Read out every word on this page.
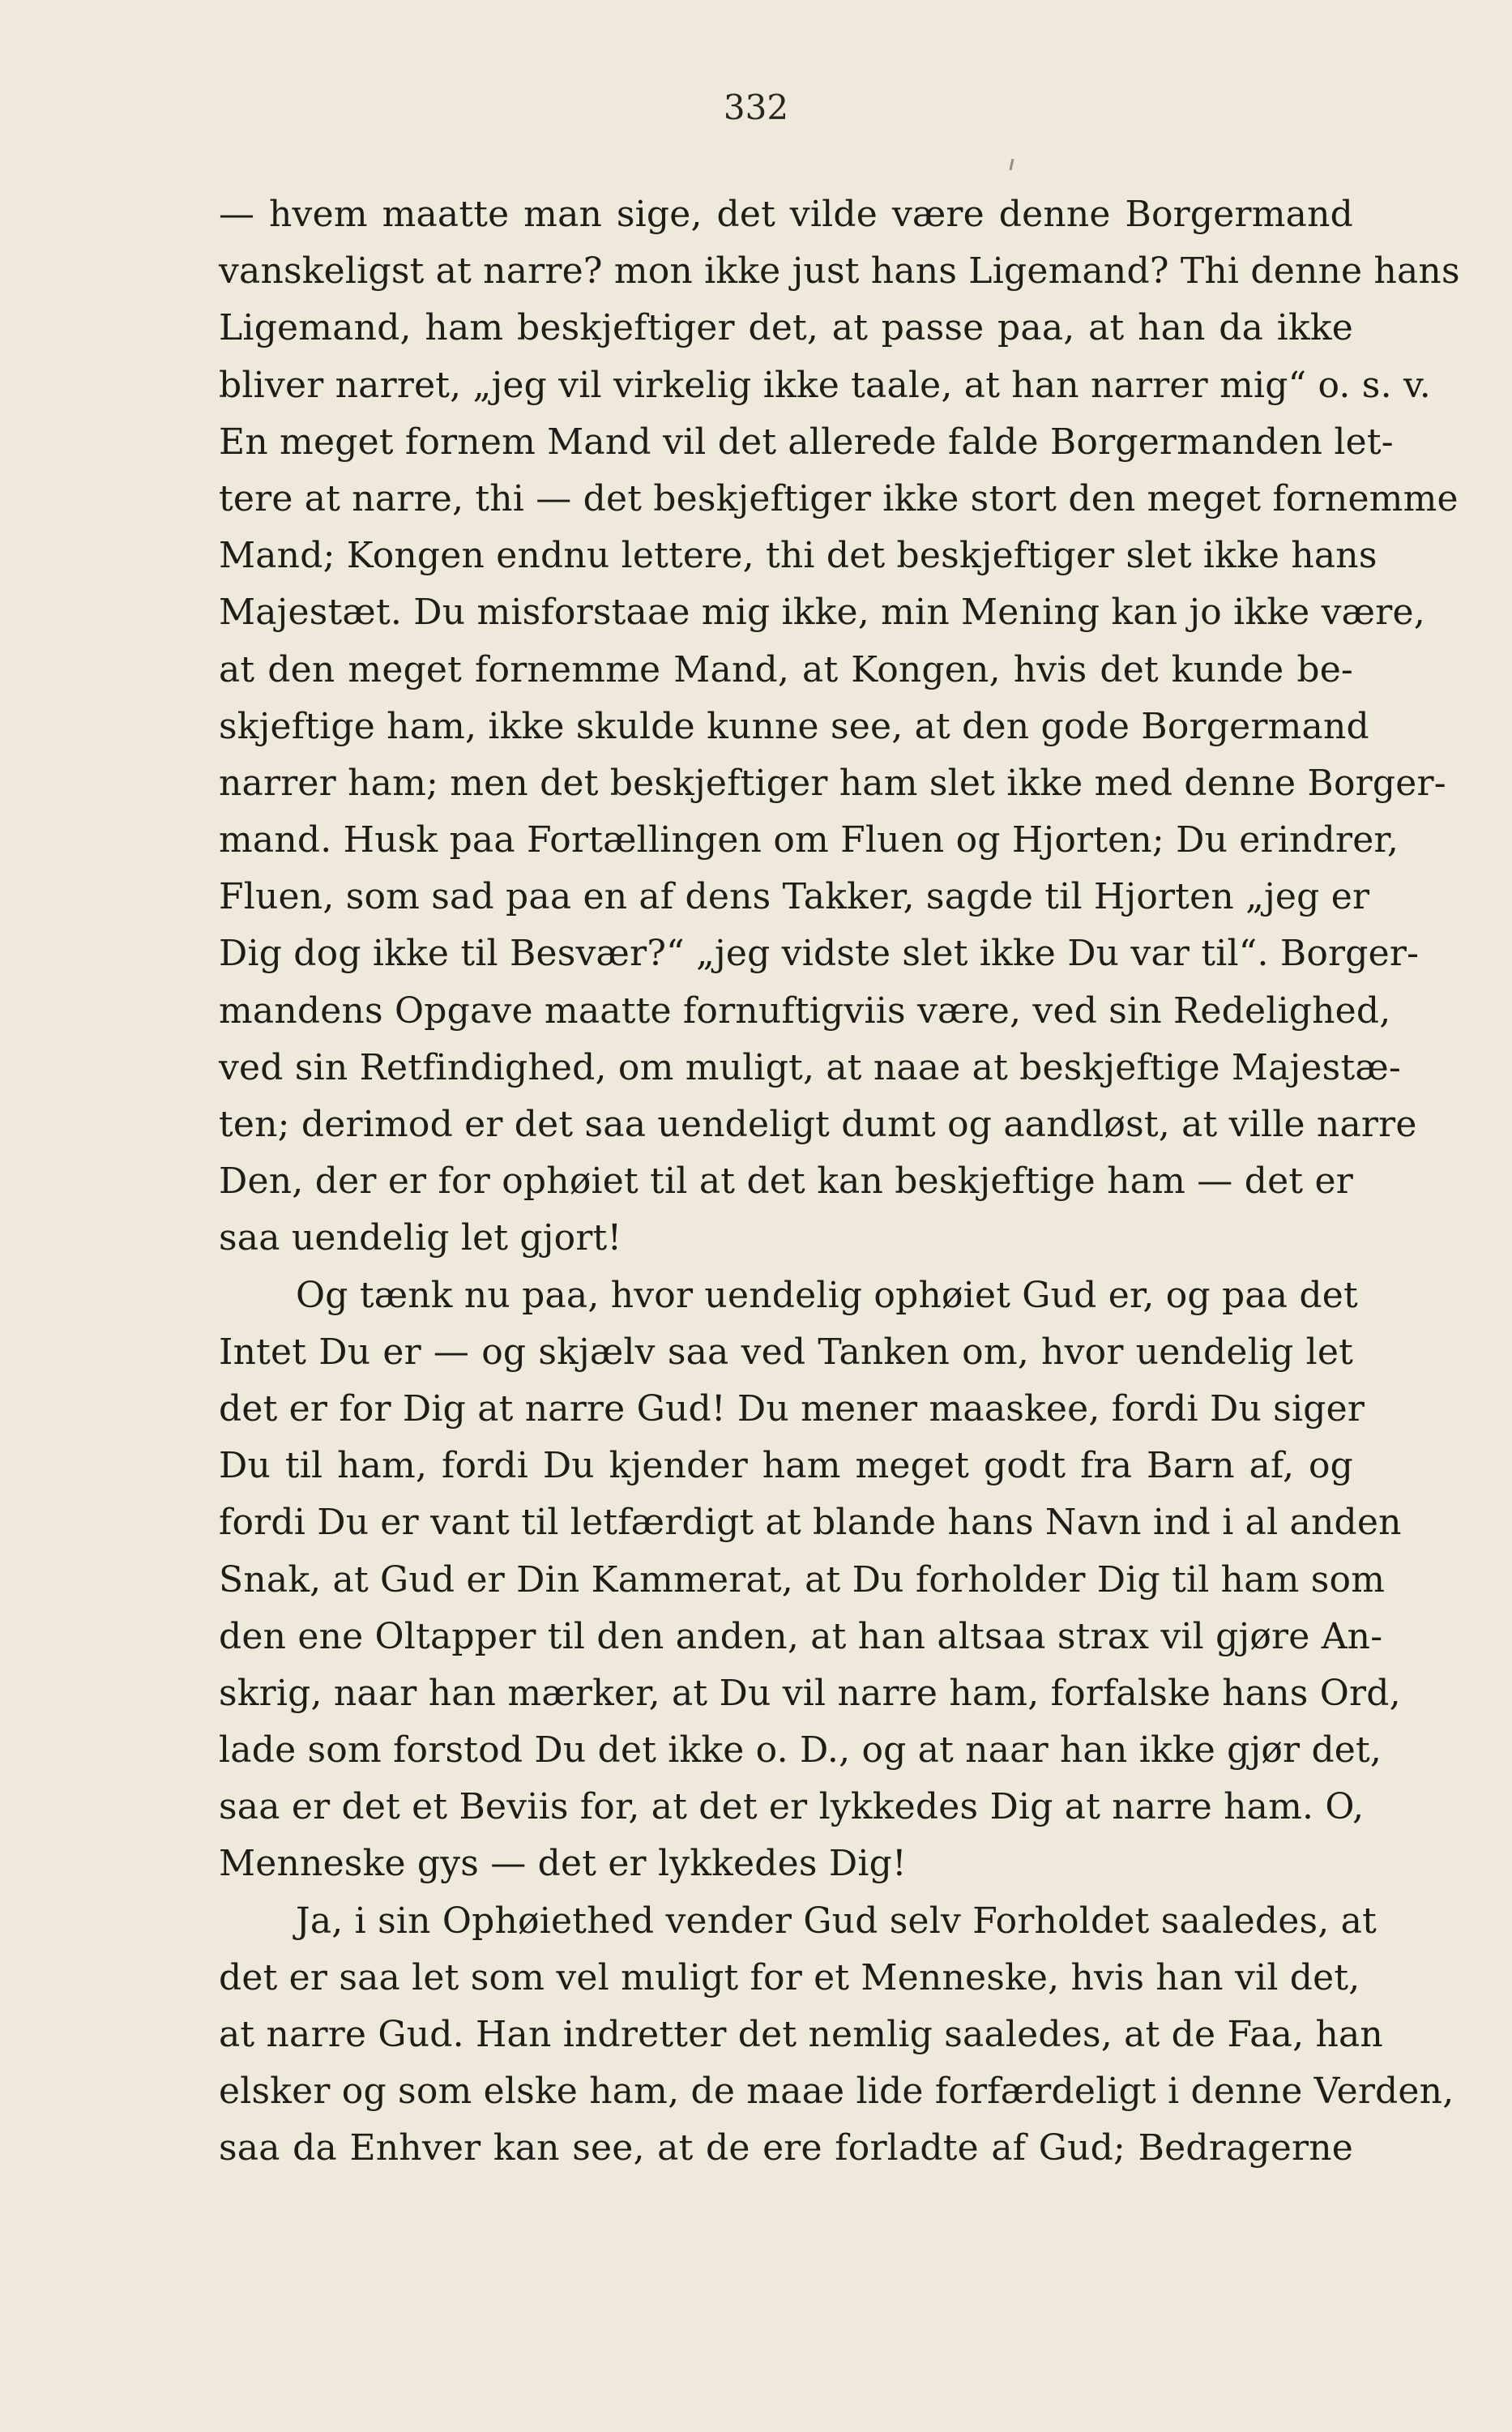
332
— hvem maatte man sige, det vilde være denne Borgermand
vanskeligst at narre? mon ikke just hans Ligemand? Thi denne hans
Ligemand, ham beskjeftiger det, at passe paa, at han da ikke
bliver narret, „jeg vil virkelig ikke taale, at han narrer mig“ o. s. v.
En meget fornem Mand vil det allerede falde Borgermanden let-
tere at narre, thi — det beskjeftiger ikke stort den meget fornemme
Mand; Kongen endnu lettere, thi det beskjeftiger slet ikke hans
Majestæt. Du misforstaae mig ikke, min Mening kan jo ikke være,
at den meget fornemme Mand, at Kongen, hvis det kunde be-
skjeftige ham, ikke skulde kunne see, at den gode Borgermand
narrer ham; men det beskjeftiger ham slet ikke med denne Borger-
mand. Husk paa Fortællingen om Fluen og Hjorten; Du erindrer,
Fluen, som sad paa en af dens Takker, sagde til Hjorten „jeg er
Dig dog ikke til Besvær?“ „jeg vidste slet ikke Du var til“. Borger-
mandens Opgave maatte fornuftigviis være, ved sin Redelighed,
ved sin Retfindighed, om muligt, at naae at beskjeftige Majestæ-
ten; derimod er det saa uendeligt dumt og aandløst, at ville narre
Den, der er for ophøiet til at det kan beskjeftige ham — det er
saa uendelig let gjort!
Og tænk nu paa, hvor uendelig ophøiet Gud er, og paa det
Intet Du er — og skjælv saa ved Tanken om, hvor uendelig let
det er for Dig at narre Gud! Du mener maaskee, fordi Du siger
Du til ham, fordi Du kjender ham meget godt fra Barn af, og
fordi Du er vant til letfærdigt at blande hans Navn ind i al anden
Snak, at Gud er Din Kammerat, at Du forholder Dig til ham som
den ene Oltapper til den anden, at han altsaa strax vil gjøre An-
skrig, naar han mærker, at Du vil narre ham, forfalske hans Ord,
lade som forstod Du det ikke o. D., og at naar han ikke gjør det,
saa er det et Beviis for, at det er lykkedes Dig at narre ham. O,
Menneske gys — det er lykkedes Dig!
Ja, i sin Ophøiethed vender Gud selv Forholdet saaledes, at
det er saa let som vel muligt for et Menneske, hvis han vil det,
at narre Gud. Han indretter det nemlig saaledes, at de Faa, han
elsker og som elske ham, de maae lide forfærdeligt i denne Verden,
saa da Enhver kan see, at de ere forladte af Gud; Bedragerne
